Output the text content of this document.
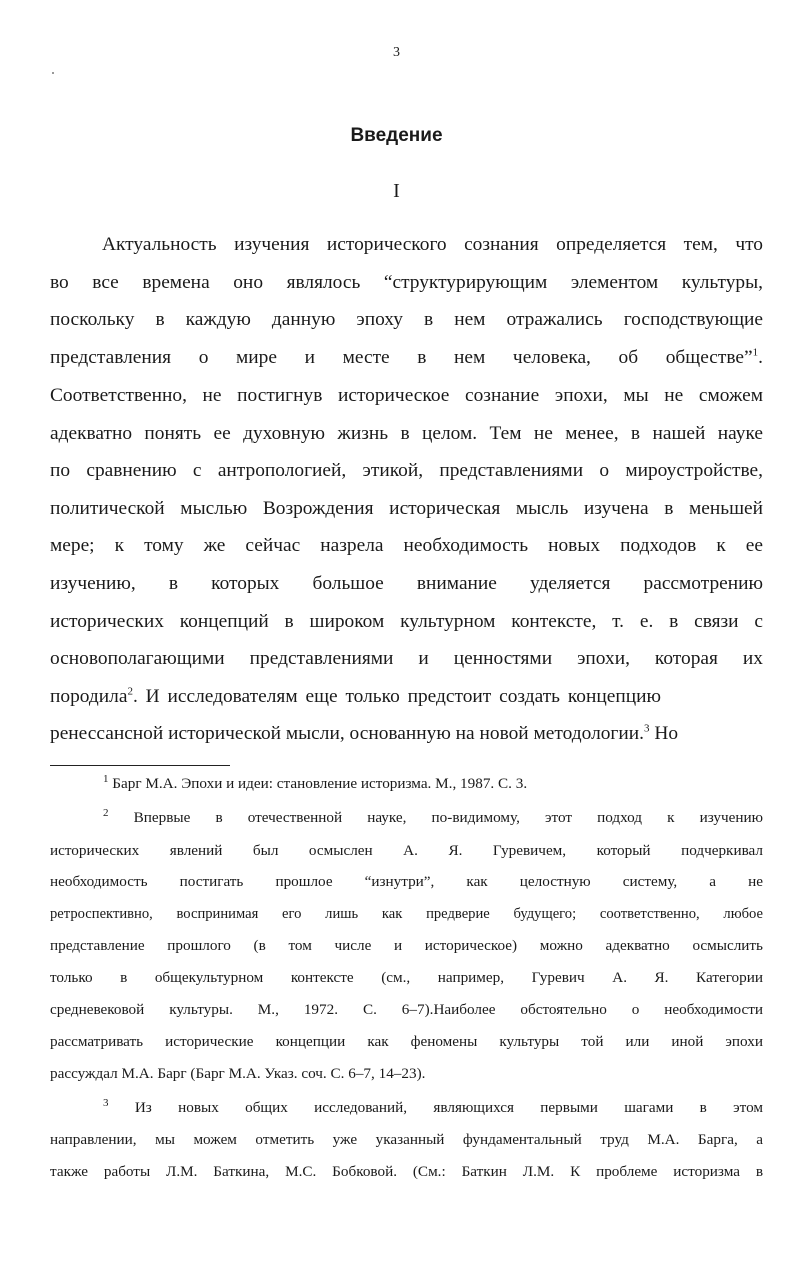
3
Введение
I
Актуальность изучения исторического сознания определяется тем, что
во все времена оно являлось “структурирующим элементом культуры,
поскольку в каждую данную эпоху в нем отражались господствующие
представления о мире и месте в нем человека, об обществе”$^1$.
Соответственно, не постигнув историческое сознание эпохи, мы не сможем
адекватно понять ее духовную жизнь в целом. Тем не менее, в нашей науке
по сравнению с антропологией, этикой, представлениями о мироустройстве,
политической мыслью Возрождения историческая мысль изучена в меньшей
мере; к тому же сейчас назрела необходимость новых подходов к ее
изучению, в которых большое внимание уделяется рассмотрению
исторических концепций в широком культурном контексте, т. е. в связи с
основополагающими представлениями и ценностями эпохи, которая их
породила$^2$. И исследователям еще только предстоит создать концепцию
ренессансной исторической мысли, основанную на новой методологии.$^3$ Но
$^1$ Барг М.А. Эпохи и идеи: становление историзма. М., 1987. С. 3.
$^2$ Впервые в отечественной науке, по-видимому, этот подход к изучению
исторических явлений был осмыслен А. Я. Гуревичем, который подчеркивал
необходимость постигать прошлое “изнутри”, как целостную систему, а не
ретроспективно, воспринимая его лишь как предверие будущего; соответственно, любое
представление прошлого (в том числе и историческое) можно адекватно осмыслить
только в общекультурном контексте (см., например, Гуревич А. Я. Категории
средневековой культуры. М., 1972. С. 6–7).Наиболее обстоятельно о необходимости
рассматривать исторические концепции как феномены культуры той или иной эпохи
рассуждал М.А. Барг (Барг М.А. Указ. соч. С. 6–7, 14–23).
$^3$ Из новых общих исследований, являющихся первыми шагами в этом
направлении, мы можем отметить уже указанный фундаментальный труд М.А. Барга, а
также работы Л.М. Баткина, М.С. Бобковой. (См.: Баткин Л.М. К проблеме историзма в
